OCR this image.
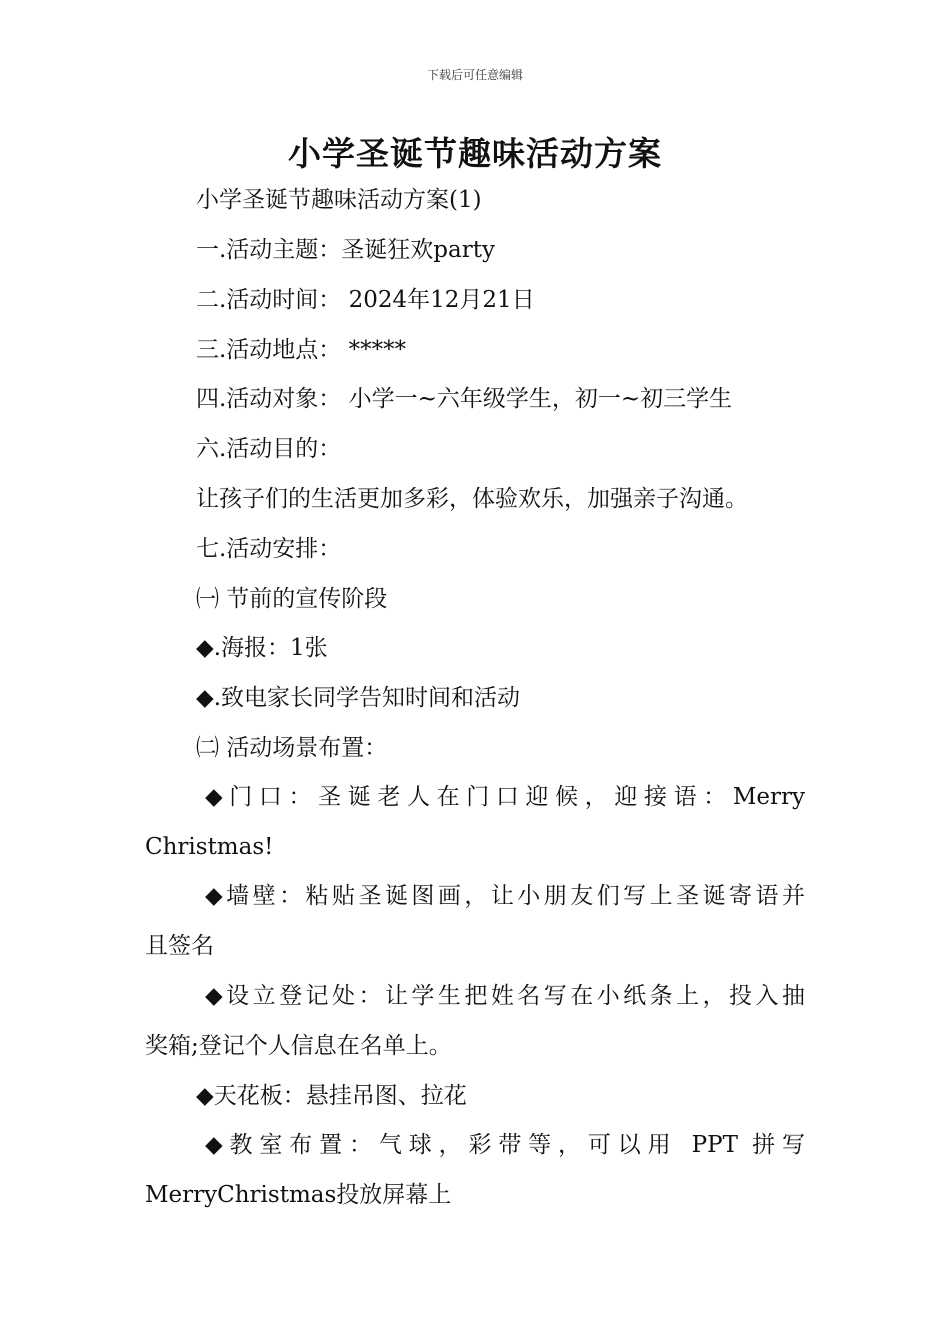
下载后可任意编辑
小学圣诞节趣味活动方案
小学圣诞节趣味活动方案(1)
一.活动主题：圣诞狂欢party
二.活动时间： 2024年12月21日
三.活动地点： *****
四.活动对象： 小学一~六年级学生，初一~初三学生
六.活动目的：
让孩子们的生活更加多彩，体验欢乐，加强亲子沟通。
七.活动安排：
㈠ 节前的宣传阶段
◆.海报：1张
◆.致电家长同学告知时间和活动
㈡ 活动场景布置：
◆门口：圣诞老人在门口迎候，迎接语：Merry
Christmas!
◆墙壁：粘贴圣诞图画，让小朋友们写上圣诞寄语并
且签名
◆设立登记处：让学生把姓名写在小纸条上，投入抽
奖箱;登记个人信息在名单上。
◆天花板：悬挂吊图、拉花
◆教室布置：气球，彩带等，可以用 PPT 拼写
MerryChristmas投放屏幕上
